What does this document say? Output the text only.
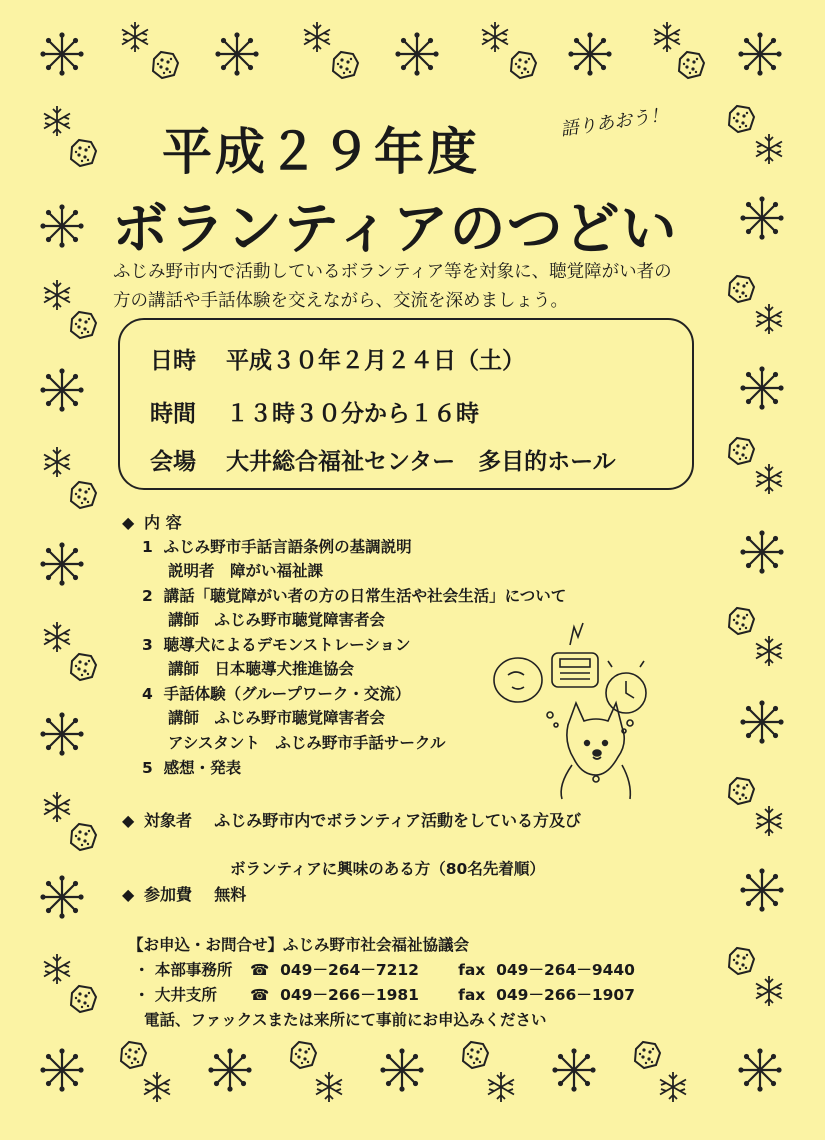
平成２９年度
ボランティアのつどい
語りあおう！
ふじみ野市内で活動しているボランティア等を対象に、聴覚障がい者の
方の講話や手話体験を交えながら、交流を深めましょう。
日時 平成３０年２月２４日（土）
時間 １３時３０分から１６時
会場 大井総合福祉センター　多目的ホール
◆ 内 容
1 ふじみ野市手話言語条例の基調説明
説明者　障がい福祉課
2 講話「聴覚障がい者の方の日常生活や社会生活」について
講師　ふじみ野市聴覚障害者会
3 聴導犬によるデモンストレーション
講師　日本聴導犬推進協会
4 手話体験（グループワーク・交流）
講師　ふじみ野市聴覚障害者会
アシスタント　ふじみ野市手話サークル
5 感想・発表
◆ 対象者 ふじみ野市内でボランティア活動をしている方及び
ボランティアに興味のある方（80名先着順）
◆ 参加費 無料
【お申込・お問合せ】ふじみ野市社会福祉協議会
・ 本部事務所 ☎ 049－264－7212	fax 049－264－9440
・ 大井支所 ☎ 049－266－1981	fax 049－266－1907
電話、ファックスまたは来所にて事前にお申込みください
